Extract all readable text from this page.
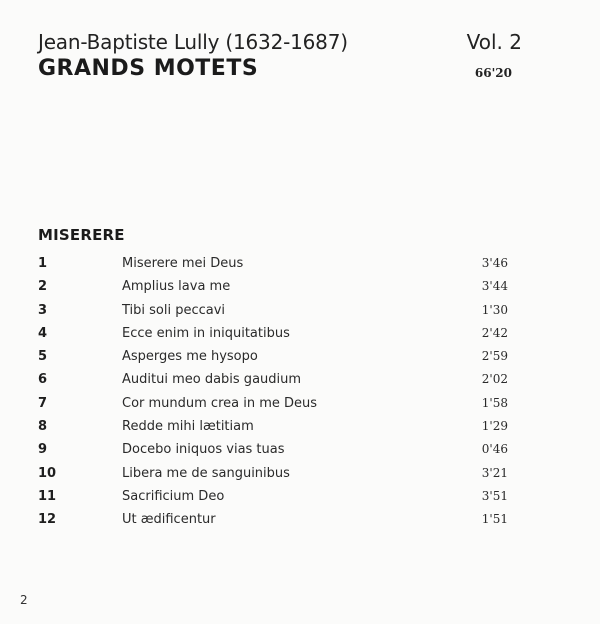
Jean-Baptiste Lully (1632-1687)	Vol. 2
GRANDS MOTETS	66'20
MISERERE
1	Miserere mei Deus	3'46
2	Amplius lava me	3'44
3	Tibi soli peccavi	1'30
4	Ecce enim in iniquitatibus	2'42
5	Asperges me hysopo	2'59
6	Auditui meo dabis gaudium	2'02
7	Cor mundum crea in me Deus	1'58
8	Redde mihi lætitiam	1'29
9	Docebo iniquos vias tuas	0'46
10	Libera me de sanguinibus	3'21
11	Sacrificium Deo	3'51
12	Ut ædificentur	1'51
2
